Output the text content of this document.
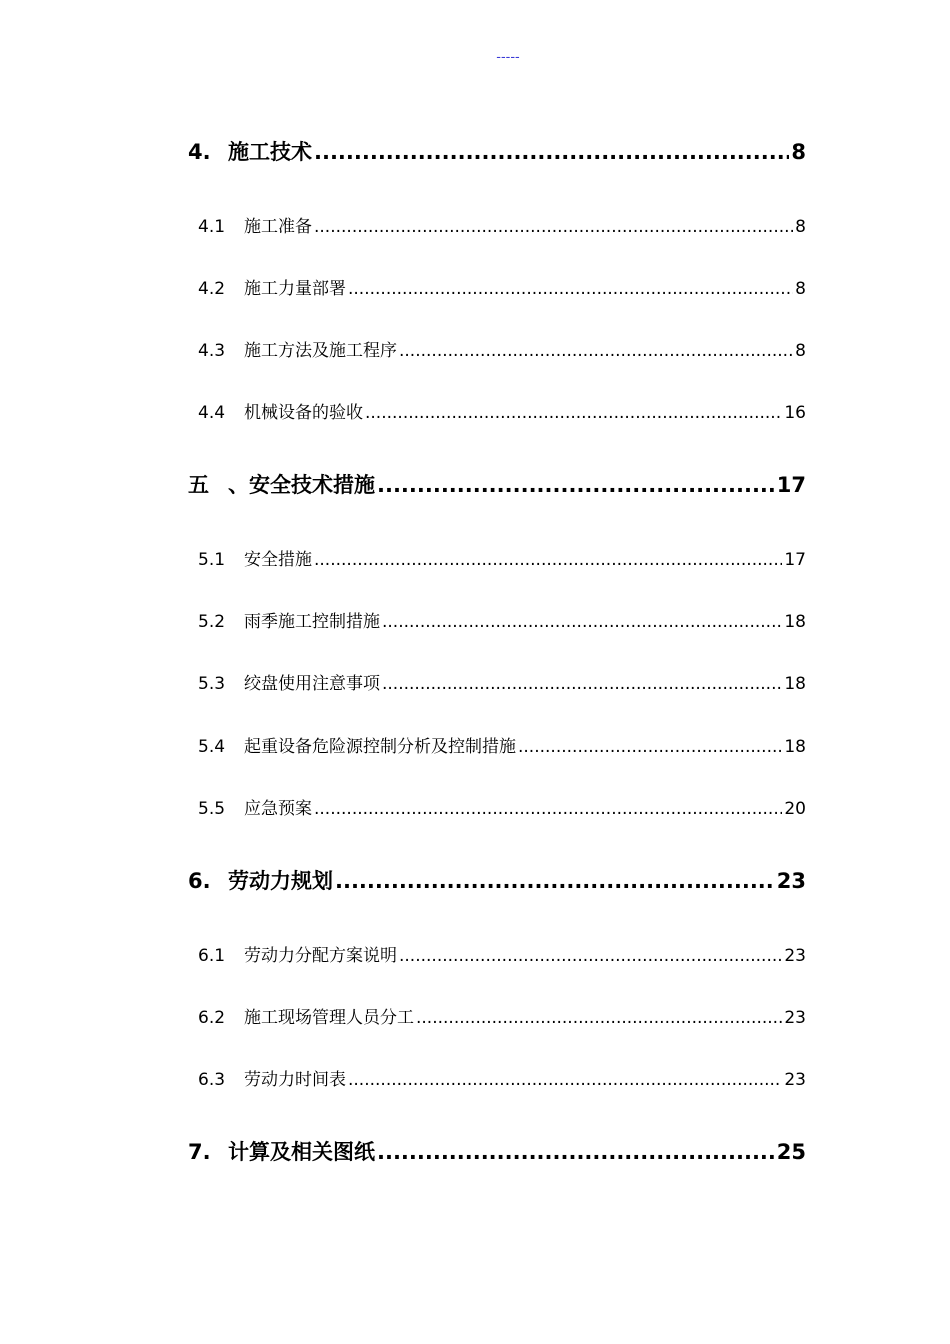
-----
4. 施工技术 .....	8
4.1	施工准备 .....	8
4.2	施工力量部署 .....	8
4.3	施工方法及施工程序 .....	8
4.4	机械设备的验收 .....	16
五 、安全技术措施 .....	17
5.1	安全措施 .....	17
5.2	雨季施工控制措施 .....	18
5.3	绞盘使用注意事项 .....	18
5.4	起重设备危险源控制分析及控制措施 .....	18
5.5	应急预案 .....	20
6. 劳动力规划 .....	23
6.1	劳动力分配方案说明 .....	23
6.2	施工现场管理人员分工 .....	23
6.3	劳动力时间表 .....	23
7. 计算及相关图纸 .....	25
